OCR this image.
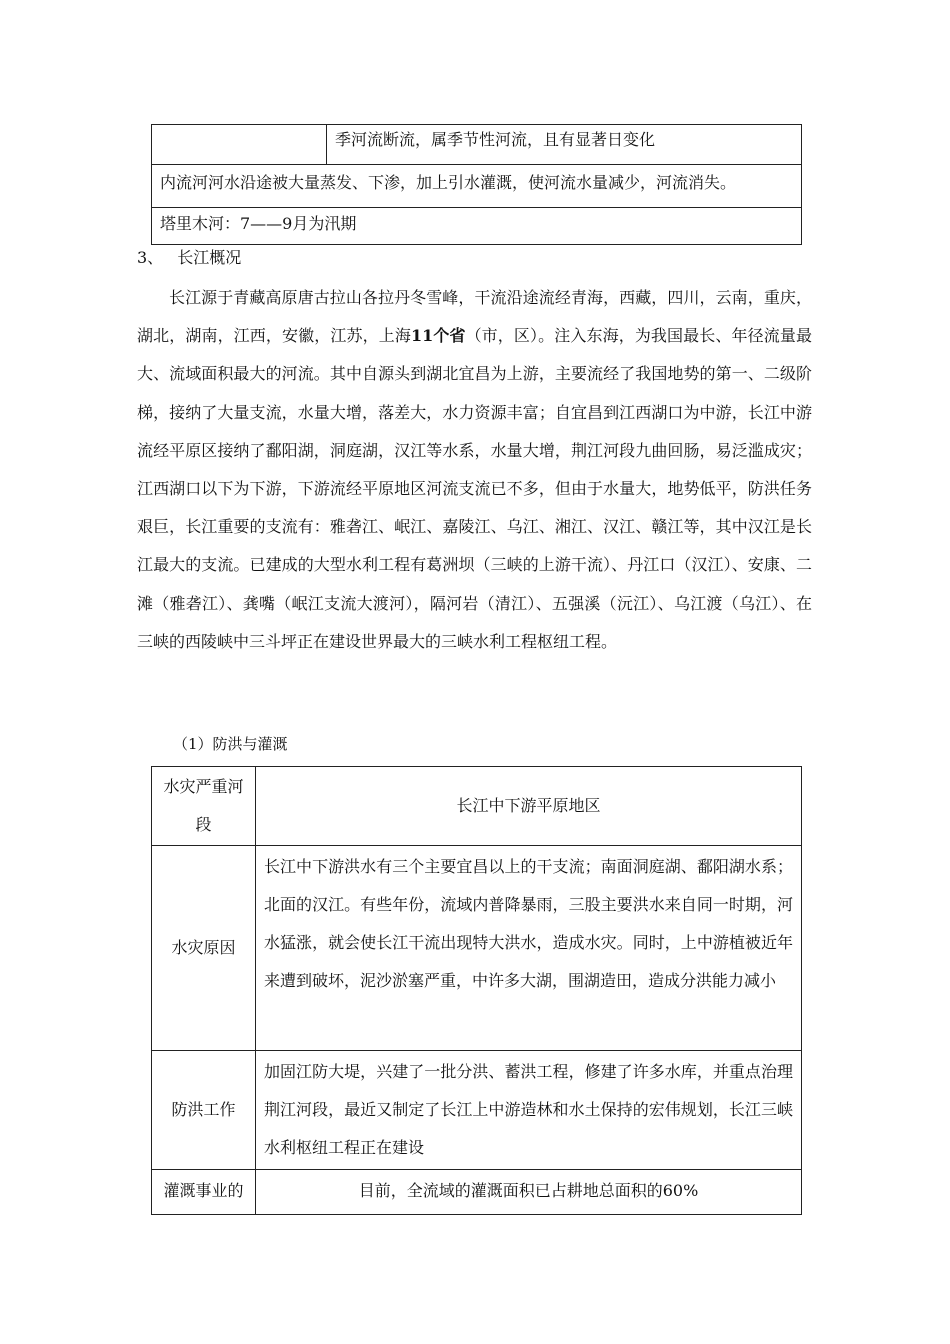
	季河流断流，属季节性河流，且有显著日变化
内流河河水沿途被大量蒸发、下渗，加上引水灌溉，使河流水量减少，河流消失。
塔里木河：7——9月为汛期
3、 长江概况
长江源于青藏高原唐古拉山各拉丹冬雪峰，干流沿途流经青海，西藏，四川，云南，重庆，湖北，湖南，江西，安徽，江苏，上海11个省（市，区）。注入东海，为我国最长、年径流量最大、流域面积最大的河流。其中自源头到湖北宜昌为上游，主要流经了我国地势的第一、二级阶梯，接纳了大量支流，水量大增，落差大，水力资源丰富；自宜昌到江西湖口为中游，长江中游流经平原区接纳了鄱阳湖，洞庭湖，汉江等水系，水量大增，荆江河段九曲回肠，易泛滥成灾；江西湖口以下为下游，下游流经平原地区河流支流已不多，但由于水量大，地势低平，防洪任务艰巨，长江重要的支流有：雅砻江、岷江、嘉陵江、乌江、湘江、汉江、赣江等，其中汉江是长江最大的支流。已建成的大型水利工程有葛洲坝（三峡的上游干流）、丹江口（汉江）、安康、二滩（雅砻江）、龚嘴（岷江支流大渡河），隔河岩（清江）、五强溪（沅江）、乌江渡（乌江）、在三峡的西陵峡中三斗坪正在建设世界最大的三峡水利工程枢纽工程。
（1）防洪与灌溉
水灾严重河段	长江中下游平原地区
水灾原因	长江中下游洪水有三个主要宜昌以上的干支流；南面洞庭湖、鄱阳湖水系；北面的汉江。有些年份，流域内普降暴雨，三股主要洪水来自同一时期，河水猛涨，就会使长江干流出现特大洪水，造成水灾。同时，上中游植被近年来遭到破坏，泥沙淤塞严重，中许多大湖，围湖造田，造成分洪能力减小
防洪工作	加固江防大堤，兴建了一批分洪、蓄洪工程，修建了许多水库，并重点治理荆江河段，最近又制定了长江上中游造林和水土保持的宏伟规划，长江三峡水利枢纽工程正在建设
灌溉事业的	目前，全流域的灌溉面积已占耕地总面积的60%
